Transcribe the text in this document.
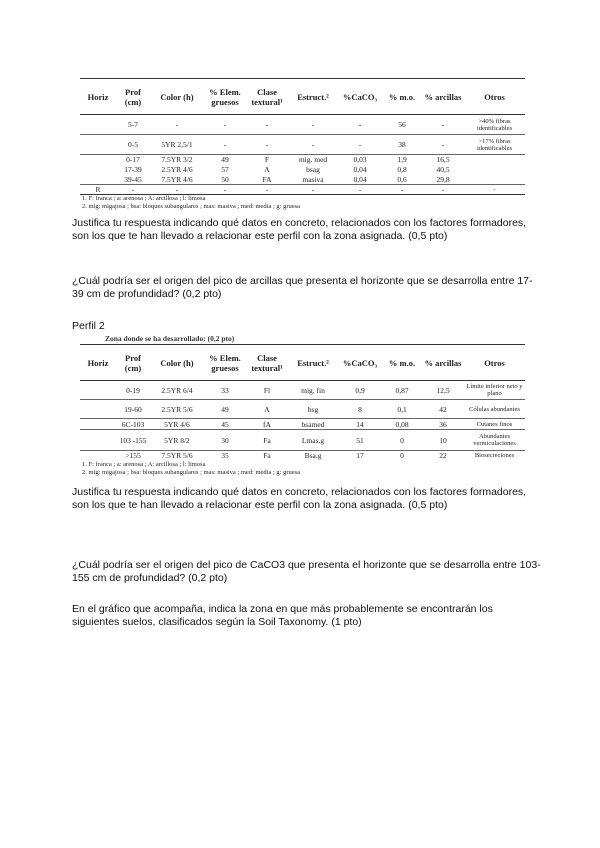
Horiz	Prof (cm)	Color (h)	% Elem. gruesos	Clase textural¹	Estruct.²	%CaCO₃	% m.o.	% arcillas	Otros
	5-7	-	-	-	-	-	56	-	>40% fibras identificables
	0-5	5YR 2,5/1	-	-	-	-	38	-	>17% fibras identificables
	0-17	7.5YR 3/2	49	F	mig. med	0,03	1,9	16,5	
	17-39	2.5YR 4/6	57	A	bsag	0,04	0,8	40,5	
	39-45	7.5YR 4/6	50	FA	masiva	0,04	0,6	29,8	
R	-	-	-	-	-	-	-	-	-

1. F: franca ; a: arenosa ; A: arcillosa ; l: limosa

2. mig: migajosa ; bsa: bloques subangulares ; mas: masiva ; med: media ; g: gruesa

Justifica tu respuesta indicando qué datos en concreto, relacionados con los factores formadores, son los que te han llevado a relacionar este perfil con la zona asignada. (0,5 pto)

¿Cuál podría ser el origen del pico de arcillas que presenta el horizonte que se desarrolla entre 17-39 cm de profundidad? (0,2 pto)

Perfil 2

Zona donde se ha desarrollado: (0,2 pto)

Horiz	Prof (cm)	Color (h)	% Elem. gruesos	Clase textural¹	Estruct.²	%CaCO₃	% m.o.	% arcillas	Otros
	0-19	2.5YR 6/4	33	Fl	mig. fin	0,9	0,87	12,5	Límite inferior neto y plano
	19-60	2.5YR 5/6	49	A	bsg	8	0,1	42	Cólulas abundantes
	6C-103	5YR 4/6	45	fA	bsamed	14	0,08	36	Cutanes finos
	103 -155	5YR 8/2	30	Fa	Lmas.g	51	0	10	Abundantes vermiculaciones
	>155	7.5YR 5/6	35	Fa	Bsa.g	17	0	22	Biosecreciones

1. F: franca ; a: arenosa ; A: arcillosa ; l: limosa

2. mig: migajosa ; bsa: bloques subangulares ; mas: masiva ; med: media ; g: gruesa

Justifica tu respuesta indicando qué datos en concreto, relacionados con los factores formadores, son los que te han llevado a relacionar este perfil con la zona asignada. (0,5 pto)

¿Cuál podría ser el origen del pico de CaCO3 que presenta el horizonte que se desarrolla entre 103-155 cm de profundidad? (0,2 pto)

En el gráfico que acompaña, indica la zona en que más probablemente se encontrarán los siguientes suelos, clasificados según la Soil Taxonomy. (1 pto)
